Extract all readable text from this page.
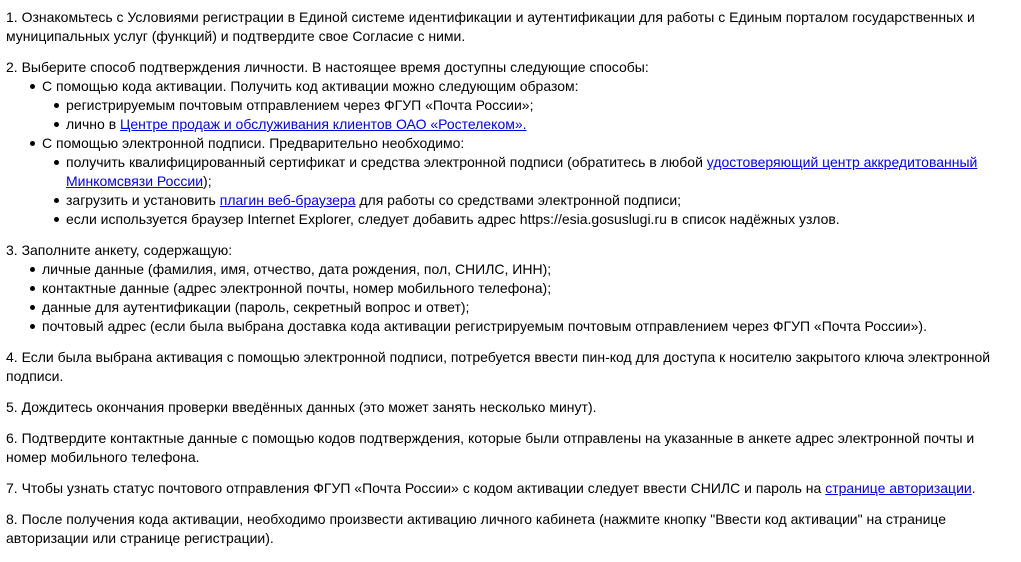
1. Ознакомьтесь с Условиями регистрации в Единой системе идентификации и аутентификации для работы с Единым порталом государственных и муниципальных услуг (функций) и подтвердите свое Согласие с ними.

2. Выберите способ подтверждения личности. В настоящее время доступны следующие способы:

С помощью кода активации. Получить код активации можно следующим образом:
регистрируемым почтовым отправлением через ФГУП «Почта России»;
лично в Центре продаж и обслуживания клиентов ОАО «Ростелеком».
С помощью электронной подписи. Предварительно необходимо:
получить квалифицированный сертификат и средства электронной подписи (обратитесь в любой удостоверяющий центр аккредитованный Минкомсвязи России);
загрузить и установить плагин веб-браузера для работы со средствами электронной подписи;
если используется браузер Internet Explorer, следует добавить адрес https://esia.gosuslugi.ru в список надёжных узлов.

3. Заполните анкету, содержащую:

личные данные (фамилия, имя, отчество, дата рождения, пол, СНИЛС, ИНН);
контактные данные (адрес электронной почты, номер мобильного телефона);
данные для аутентификации (пароль, секретный вопрос и ответ);
почтовый адрес (если была выбрана доставка кода активации регистрируемым почтовым отправлением через ФГУП «Почта России»).

4. Если была выбрана активация с помощью электронной подписи, потребуется ввести пин-код для доступа к носителю закрытого ключа электронной подписи.

5. Дождитесь окончания проверки введённых данных (это может занять несколько минут).

6. Подтвердите контактные данные с помощью кодов подтверждения, которые были отправлены на указанные в анкете адрес электронной почты и номер мобильного телефона.

7. Чтобы узнать статус почтового отправления ФГУП «Почта России» с кодом активации следует ввести СНИЛС и пароль на странице авторизации.

8. После получения кода активации, необходимо произвести активацию личного кабинета (нажмите кнопку "Ввести код активации" на странице авторизации или странице регистрации).
